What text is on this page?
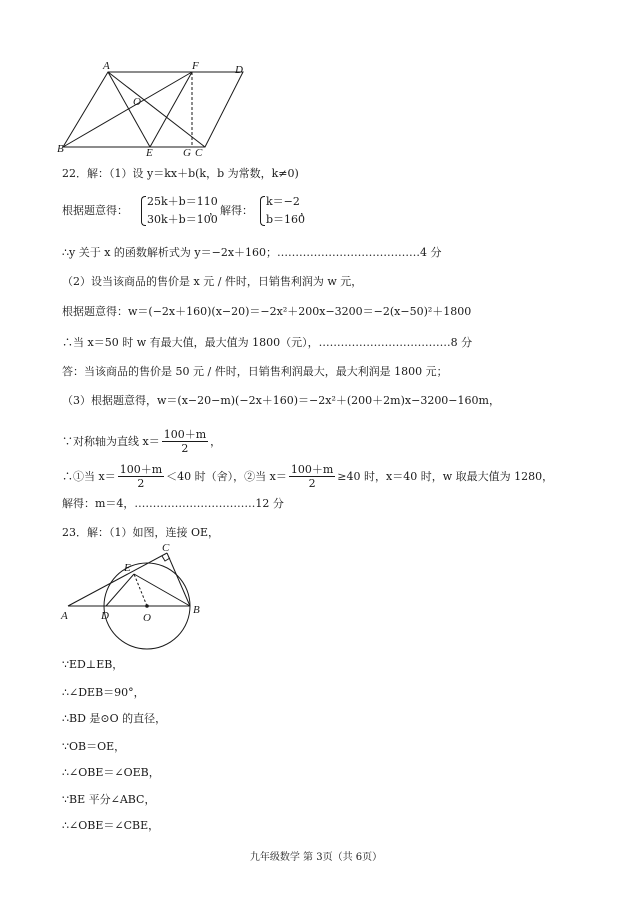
A	F	D
O
B	E	G C
22．解：（1）设 y＝kx＋b(k，b 为常数，k≠0)
根据题意得：
25k＋b＝110
30k＋b＝100
，解得：
k＝−2
b＝160
，
∴y 关于 x 的函数解析式为 y＝−2x＋160；…………………………………4 分
（2）设当该商品的售价是 x 元 / 件时，日销售利润为 w 元，
根据题意得：w＝(−2x＋160)(x−20)＝−2x²＋200x−3200＝−2(x−50)²＋1800
∴当 x＝50 时 w 有最大值，最大值为 1800（元），………………………………8 分
答：当该商品的售价是 50 元 / 件时，日销售利润最大，最大利润是 1800 元；
（3）根据题意得，w＝(x−20−m)(−2x＋160)＝−2x²＋(200＋2m)x−3200−160m，
∵对称轴为直线 $x= \frac{100+m}{2}$ ，
∴①当 $x= \frac{100+m}{2} <40$ 时（舍），②当 $x= \frac{100+m}{2} \ge 40$ 时，x＝40 时，w 取最大值为 1280，
解得：m＝4，……………………………12 分
23．解：（1）如图，连接 OE，
C
E
A	D	O
B
∵ED⊥EB，
∴∠DEB＝90°，
∴BD 是⊙O 的直径，
∵OB＝OE，
∴∠OBE＝∠OEB，
∵BE 平分∠ABC，
∴∠OBE＝∠CBE，
九年级数学 第 3页（共 6页）
